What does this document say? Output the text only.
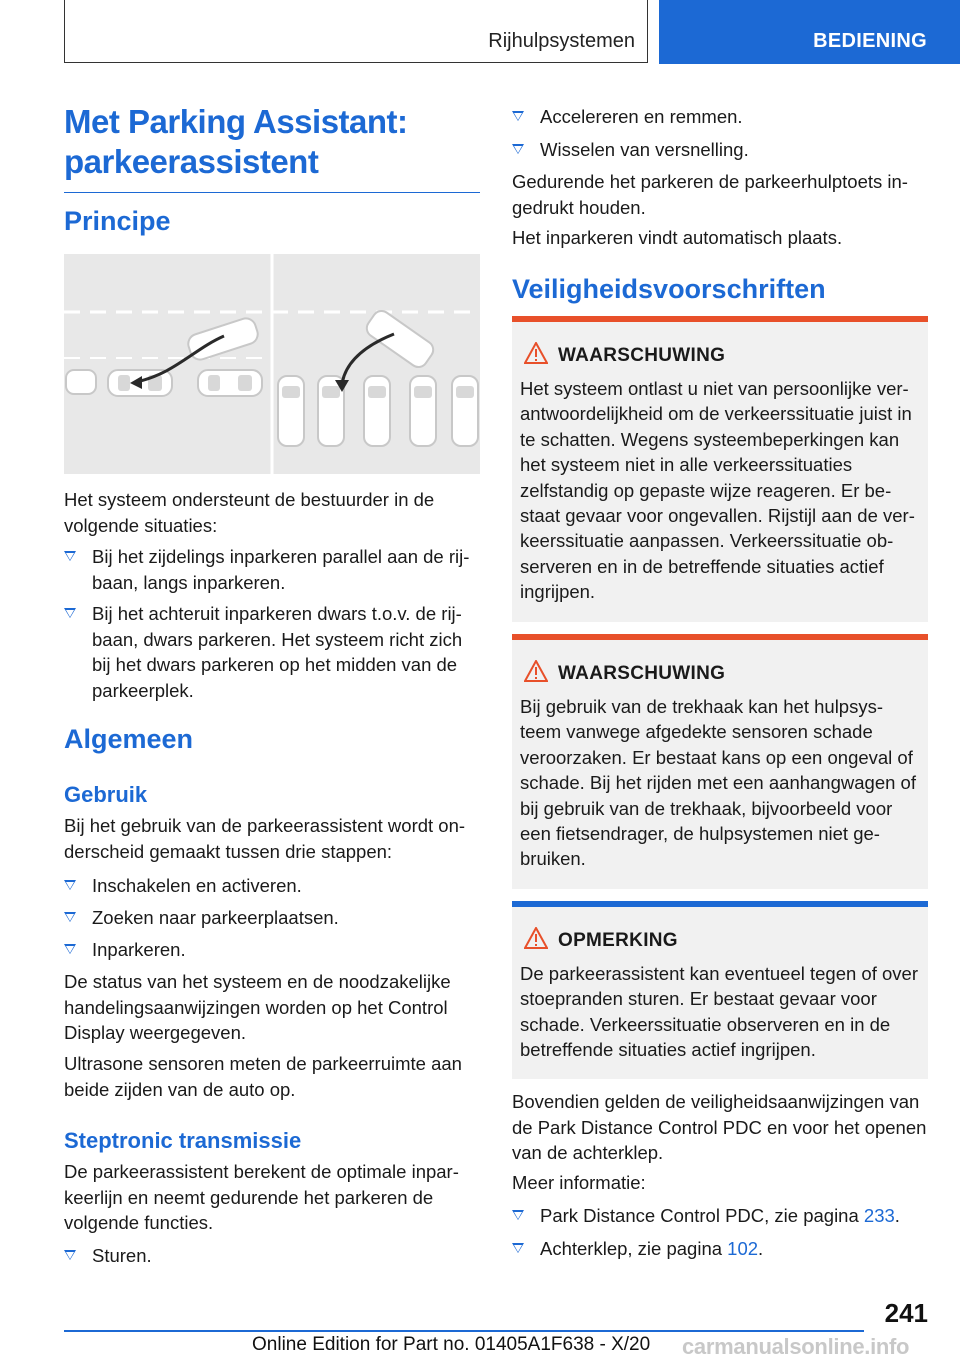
Rijhulpsystemen	BEDIENING
Met Parking Assistant: parkeerassistent
Principe
Het systeem ondersteunt de bestuurder in de volgende situaties:
Bij het zijdelings inparkeren parallel aan de rij-baan, langs inparkeren.
Bij het achteruit inparkeren dwars t.o.v. de rij-baan, dwars parkeren. Het systeem richt zich bij het dwars parkeren op het midden van de parkeerplek.
Algemeen
Gebruik
Bij het gebruik van de parkeerassistent wordt on-derscheid gemaakt tussen drie stappen:
Inschakelen en activeren.
Zoeken naar parkeerplaatsen.
Inparkeren.
De status van het systeem en de noodzakelijke handelingsaanwijzingen worden op het Control Display weergegeven.
Ultrasone sensoren meten de parkeerruimte aan beide zijden van de auto op.
Steptronic transmissie
De parkeerassistent berekent de optimale inpar-keerlijn en neemt gedurende het parkeren de volgende functies.
Sturen.
Accelereren en remmen.
Wisselen van versnelling.
Gedurende het parkeren de parkeerhulptoets in-gedrukt houden.
Het inparkeren vindt automatisch plaats.
Veiligheidsvoorschriften
WAARSCHUWING
Het systeem ontlast u niet van persoonlijke ver-antwoordelijkheid om de verkeerssituatie juist in te schatten. Wegens systeembeperkingen kan het systeem niet in alle verkeerssituaties zelfstandig op gepaste wijze reageren. Er be-staat gevaar voor ongevallen. Rijstijl aan de ver-keerssituatie aanpassen. Verkeerssituatie ob-serveren en in de betreffende situaties actief ingrijpen.
WAARSCHUWING
Bij gebruik van de trekhaak kan het hulpsys-teem vanwege afgedekte sensoren schade veroorzaken. Er bestaat kans op een ongeval of schade. Bij het rijden met een aanhangwagen of bij gebruik van de trekhaak, bijvoorbeeld voor een fietsendrager, de hulpsystemen niet ge-bruiken.
OPMERKING
De parkeerassistent kan eventueel tegen of over stoepranden sturen. Er bestaat gevaar voor schade. Verkeerssituatie observeren en in de betreffende situaties actief ingrijpen.
Bovendien gelden de veiligheidsaanwijzingen van de Park Distance Control PDC en voor het openen van de achterklep.
Meer informatie:
Park Distance Control PDC, zie pagina 233.
Achterklep, zie pagina 102.
241
Online Edition for Part no. 01405A1F638 - X/20 carmanualsonline.info
